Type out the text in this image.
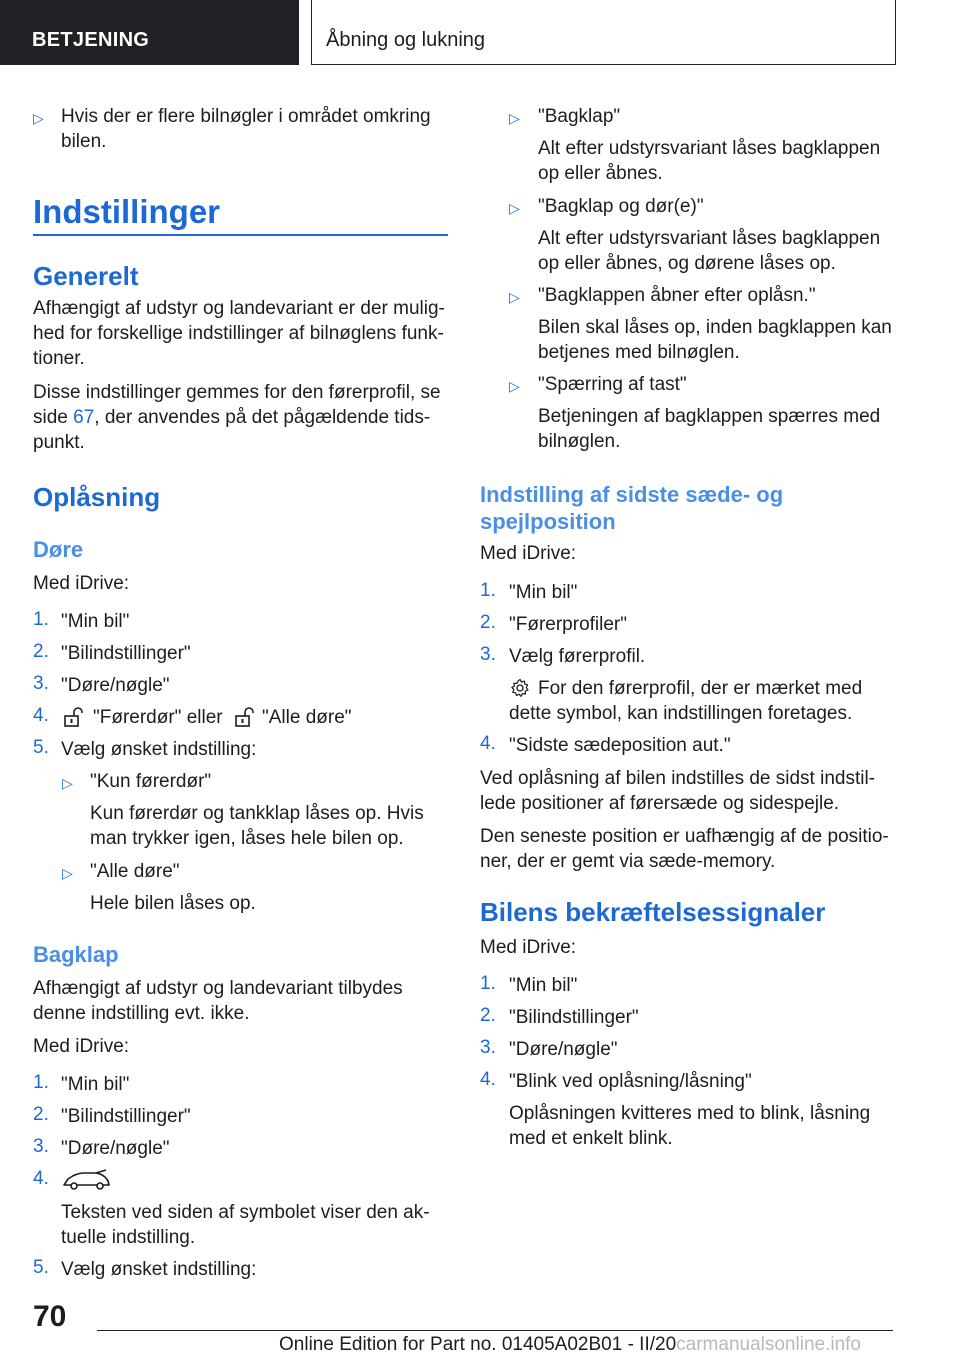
BETJENING	Åbning og lukning
▷ Hvis der er flere bilnøgler i området omkring
bilen.
Indstillinger
Generelt
Afhængigt af udstyr og landevariant er der mulig-
hed for forskellige indstillinger af bilnøglens funk-
tioner.
Disse indstillinger gemmes for den førerprofil, se
side 67, der anvendes på det pågældende tids-
punkt.
Oplåsning
Døre
Med iDrive:
1. "Min bil"
2. "Bilindstillinger"
3. "Døre/nøgle"
4. "Førerdør" eller "Alle døre"
5. Vælg ønsket indstilling:
▷ "Kun førerdør"
Kun førerdør og tankklap låses op. Hvis
man trykker igen, låses hele bilen op.
▷ "Alle døre"
Hele bilen låses op.
Bagklap
Afhængigt af udstyr og landevariant tilbydes
denne indstilling evt. ikke.
Med iDrive:
1. "Min bil"
2. "Bilindstillinger"
3. "Døre/nøgle"
4.
Teksten ved siden af symbolet viser den ak-
tuelle indstilling.
5. Vælg ønsket indstilling:
▷ "Bagklap"
Alt efter udstyrsvariant låses bagklappen
op eller åbnes.
▷ "Bagklap og dør(e)"
Alt efter udstyrsvariant låses bagklappen
op eller åbnes, og dørene låses op.
▷ "Bagklappen åbner efter oplåsn."
Bilen skal låses op, inden bagklappen kan
betjenes med bilnøglen.
▷ "Spærring af tast"
Betjeningen af bagklappen spærres med
bilnøglen.
Indstilling af sidste sæde- og
spejlposition
Med iDrive:
1. "Min bil"
2. "Førerprofiler"
3. Vælg førerprofil.
For den førerprofil, der er mærket med
dette symbol, kan indstillingen foretages.
4. "Sidste sædeposition aut."
Ved oplåsning af bilen indstilles de sidst indstil-
lede positioner af førersæde og sidespejle.
Den seneste position er uafhængig af de positio-
ner, der er gemt via sæde-memory.
Bilens bekræftelsessignaler
Med iDrive:
1. "Min bil"
2. "Bilindstillinger"
3. "Døre/nøgle"
4. "Blink ved oplåsning/låsning"
Oplåsningen kvitteres med to blink, låsning
med et enkelt blink.
70
Online Edition for Part no. 01405A02B01 - II/20carmanualsonline.info
